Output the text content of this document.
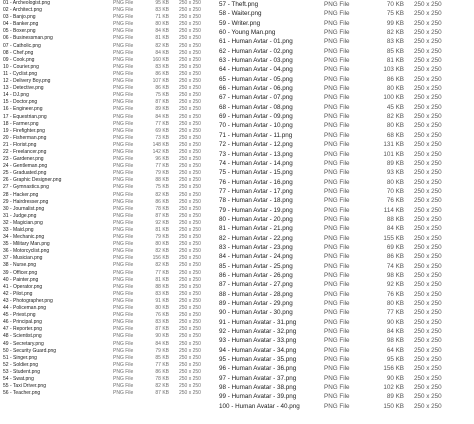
01 - Archeologist.png	PNG File	95 KB 250 x 250
02 - Architect.png	PNG File	83 KB 250 x 250
03 - Banjo.png	PNG File	71 KB 250 x 250
04 - Banker.png	PNG File	80 KB 250 x 250
05 - Boxer.png	PNG File	84 KB 250 x 250
06 - Businessman.png	PNG File	81 KB 250 x 250
07 - Catholic.png	PNG File	82 KB 250 x 250
08 - Chef.png	PNG File	84 KB 250 x 250
09 - Cook.png	PNG File	160 KB 250 x 250
10 - Courier.png	PNG File	83 KB 250 x 250
11 - Cyclist.png	PNG File	86 KB 250 x 250
12 - Delivery Boy.png	PNG File	107 KB 250 x 250
13 - Detective.png	PNG File	86 KB 250 x 250
14 - DJ.png	PNG File	75 KB 250 x 250
15 - Doctor.png	PNG File	87 KB 250 x 250
16 - Engineer.png	PNG File	89 KB 250 x 250
17 - Equestrian.png	PNG File	84 KB 250 x 250
18 - Farmer.png	PNG File	77 KB 250 x 250
19 - Firefighter.png	PNG File	69 KB 250 x 250
20 - Fisherman.png	PNG File	73 KB 250 x 250
21 - Florist.png	PNG File	148 KB 250 x 250
22 - Freelancer.png	PNG File	142 KB 250 x 250
23 - Gardener.png	PNG File	96 KB 250 x 250
24 - Gentleman.png	PNG File	77 KB 250 x 250
25 - Graduated.png	PNG File	79 KB 250 x 250
26 - Graphic Designer.png	PNG File	88 KB 250 x 250
27 - Gymnastics.png	PNG File	75 KB 250 x 250
28 - Hacker.png	PNG File	82 KB 250 x 250
29 - Hairdresser.png	PNG File	86 KB 250 x 250
30 - Journalist.png	PNG File	78 KB 250 x 250
31 - Judge.png	PNG File	87 KB 250 x 250
32 - Magician.png	PNG File	92 KB 250 x 250
33 - Maid.png	PNG File	81 KB 250 x 250
34 - Mechanic.png	PNG File	79 KB 250 x 250
35 - Military Man.png	PNG File	80 KB 250 x 250
36 - Motorcyclist.png	PNG File	82 KB 250 x 250
37 - Musician.png	PNG File	156 KB 250 x 250
38 - Nurse.png	PNG File	82 KB 250 x 250
39 - Officer.png	PNG File	77 KB 250 x 250
40 - Painter.png	PNG File	81 KB 250 x 250
41 - Operator.png	PNG File	88 KB 250 x 250
42 - Pilot.png	PNG File	83 KB 250 x 250
43 - Photographer.png	PNG File	91 KB 250 x 250
44 - Policeman.png	PNG File	80 KB 250 x 250
45 - Priest.png	PNG File	76 KB 250 x 250
46 - Principal.png	PNG File	83 KB 250 x 250
47 - Reporter.png	PNG File	87 KB 250 x 250
48 - Scientist.png	PNG File	90 KB 250 x 250
49 - Secretary.png	PNG File	84 KB 250 x 250
50 - Security Guard.png	PNG File	79 KB 250 x 250
51 - Singer.png	PNG File	85 KB 250 x 250
52 - Soldier.png	PNG File	77 KB 250 x 250
53 - Student.png	PNG File	86 KB 250 x 250
54 - Swat.png	PNG File	78 KB 250 x 250
55 - Taxi Driver.png	PNG File	82 KB 250 x 250
56 - Teacher.png	PNG File	87 KB 250 x 250
57 - Theft.png	PNG File	70 KB 250 x 250
58 - Waiter.png	PNG File	75 KB 250 x 250
59 - Writer.png	PNG File	99 KB 250 x 250
60 - Young Man.png	PNG File	82 KB 250 x 250
61 - Human Avtar - 01.png	PNG File	83 KB 250 x 250
62 - Human Avtar - 02.png	PNG File	85 KB 250 x 250
63 - Human Avtar - 03.png	PNG File	81 KB 250 x 250
64 - Human Avtar - 04.png	PNG File	103 KB 250 x 250
65 - Human Avtar - 05.png	PNG File	86 KB 250 x 250
66 - Human Avtar - 06.png	PNG File	80 KB 250 x 250
67 - Human Avtar - 07.png	PNG File	100 KB 250 x 250
68 - Human Avtar - 08.png	PNG File	45 KB 250 x 250
69 - Human Avtar - 09.png	PNG File	82 KB 250 x 250
70 - Human Avtar - 10.png	PNG File	80 KB 250 x 250
71 - Human Avtar - 11.png	PNG File	68 KB 250 x 250
72 - Human Avtar - 12.png	PNG File	131 KB 250 x 250
73 - Human Avtar - 13.png	PNG File	101 KB 250 x 250
74 - Human Avtar - 14.png	PNG File	89 KB 250 x 250
75 - Human Avtar - 15.png	PNG File	93 KB 250 x 250
76 - Human Avtar - 16.png	PNG File	80 KB 250 x 250
77 - Human Avtar - 17.png	PNG File	70 KB 250 x 250
78 - Human Avtar - 18.png	PNG File	76 KB 250 x 250
79 - Human Avtar - 19.png	PNG File	114 KB 250 x 250
80 - Human Avtar - 20.png	PNG File	88 KB 250 x 250
81 - Human Avtar - 21.png	PNG File	84 KB 250 x 250
82 - Human Avtar - 22.png	PNG File	155 KB 250 x 250
83 - Human Avtar - 23.png	PNG File	69 KB 250 x 250
84 - Human Avtar - 24.png	PNG File	86 KB 250 x 250
85 - Human Avtar - 25.png	PNG File	74 KB 250 x 250
86 - Human Avtar - 26.png	PNG File	98 KB 250 x 250
87 - Human Avtar - 27.png	PNG File	92 KB 250 x 250
88 - Human Avtar - 28.png	PNG File	76 KB 250 x 250
89 - Human Avtar - 29.png	PNG File	80 KB 250 x 250
90 - Human Avtar - 30.png	PNG File	77 KB 250 x 250
91 - Human Avatar - 31.png	PNG File	90 KB 250 x 250
92 - Human Avatar - 32.png	PNG File	84 KB 250 x 250
93 - Human Avatar - 33.png	PNG File	98 KB 250 x 250
94 - Human Avatar - 34.png	PNG File	64 KB 250 x 250
95 - Human Avatar - 35.png	PNG File	95 KB 250 x 250
96 - Human Avatar - 36.png	PNG File	156 KB 250 x 250
97 - Human Avatar - 37.png	PNG File	90 KB 250 x 250
98 - Human Avatar - 38.png	PNG File	102 KB 250 x 250
99 - Human Avatar - 39.png	PNG File	89 KB 250 x 250
100 - Human Avatar - 40.png	PNG File	150 KB 250 x 250
